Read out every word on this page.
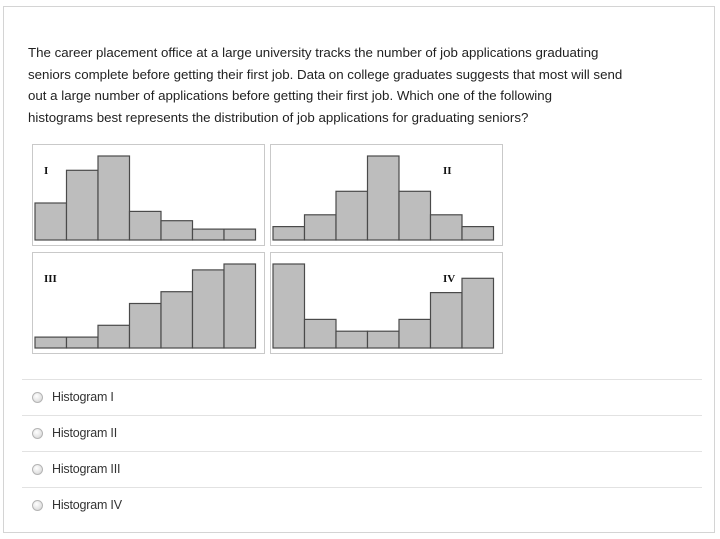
The career placement office at a large university tracks the number of job applications graduating
seniors complete before getting their first job. Data on college graduates suggests that most will send
out a large number of applications before getting their first job. Which one of the following
histograms best represents the distribution of job applications for graduating seniors?

I	II
III	IV
Histogram I
Histogram II
Histogram III
Histogram IV
